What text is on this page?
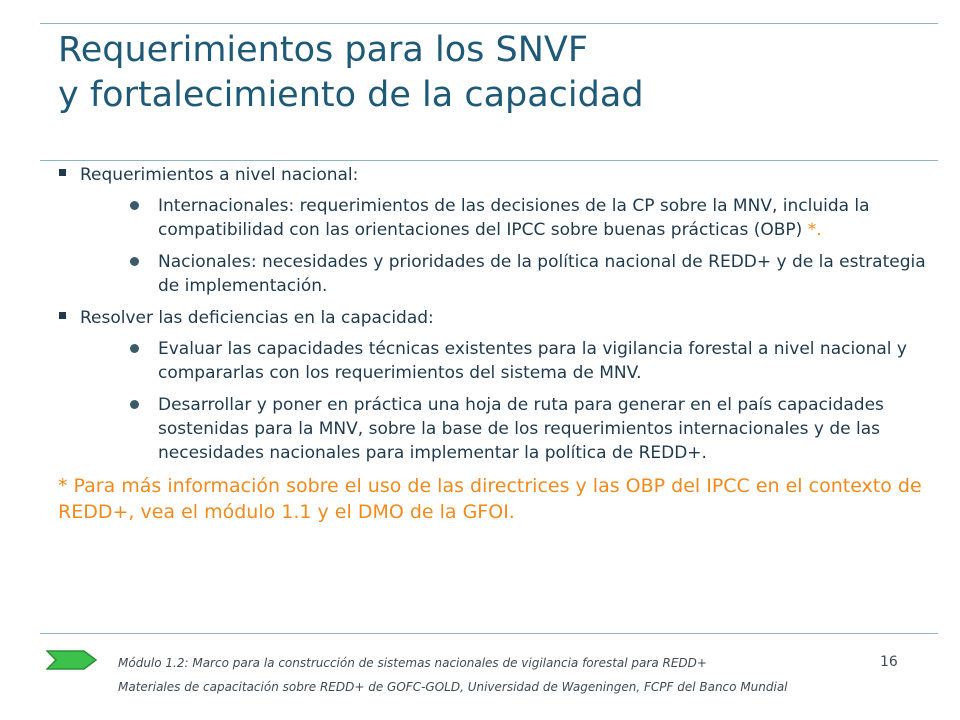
Requerimientos para los SNVF
y fortalecimiento de la capacidad
Requerimientos a nivel nacional:
Internacionales: requerimientos de las decisiones de la CP sobre la MNV, incluida la compatibilidad con las orientaciones del IPCC sobre buenas prácticas (OBP) *.
Nacionales: necesidades y prioridades de la política nacional de REDD+ y de la estrategia de implementación.
Resolver las deficiencias en la capacidad:
Evaluar las capacidades técnicas existentes para la vigilancia forestal a nivel nacional y compararlas con los requerimientos del sistema de MNV.
Desarrollar y poner en práctica una hoja de ruta para generar en el país capacidades sostenidas para la MNV, sobre la base de los requerimientos internacionales y de las necesidades nacionales para implementar la política de REDD+.
* Para más información sobre el uso de las directrices y las OBP del IPCC en el contexto de REDD+, vea el módulo 1.1 y el DMO de la GFOI.
Módulo 1.2: Marco para la construcción de sistemas nacionales de vigilancia forestal para REDD+	16
Materiales de capacitación sobre REDD+ de GOFC-GOLD, Universidad de Wageningen, FCPF del Banco Mundial
